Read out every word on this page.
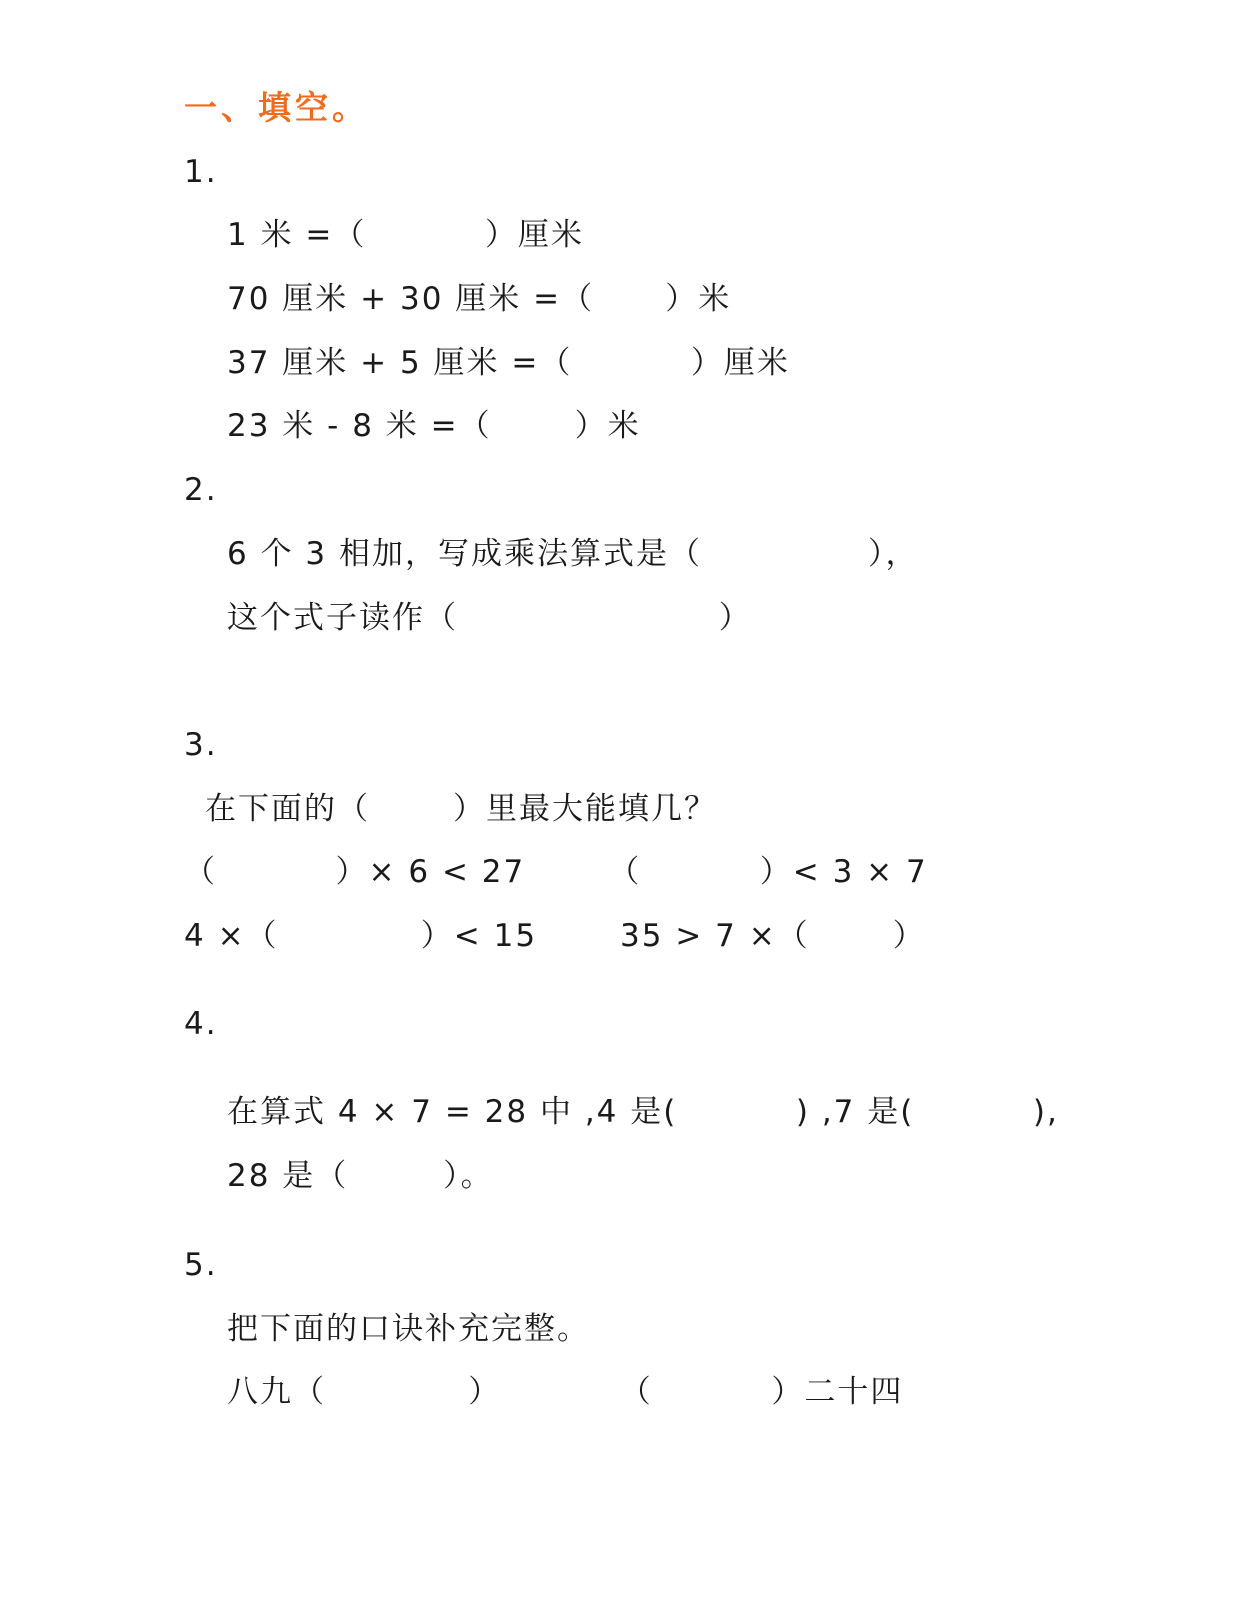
一、填空。
1.
1 米 =（          ）厘米
70 厘米 + 30 厘米 =（      ）米
37 厘米 + 5 厘米 =（          ）厘米
23 米 - 8 米 =（       ）米
2.
6 个 3 相加，写成乘法算式是（              ），
这个式子读作（                      ）
3.
在下面的（       ）里最大能填几？
（          ）× 6 < 27       （          ）< 3 × 7
4 ×（            ）< 15       35 > 7 ×（       ）
4.
在算式 4 × 7 = 28 中 ,4 是(          ) ,7 是(          ),
28 是（        ）。
5.
把下面的口诀补充完整。
八九（            ）          （          ）二十四
